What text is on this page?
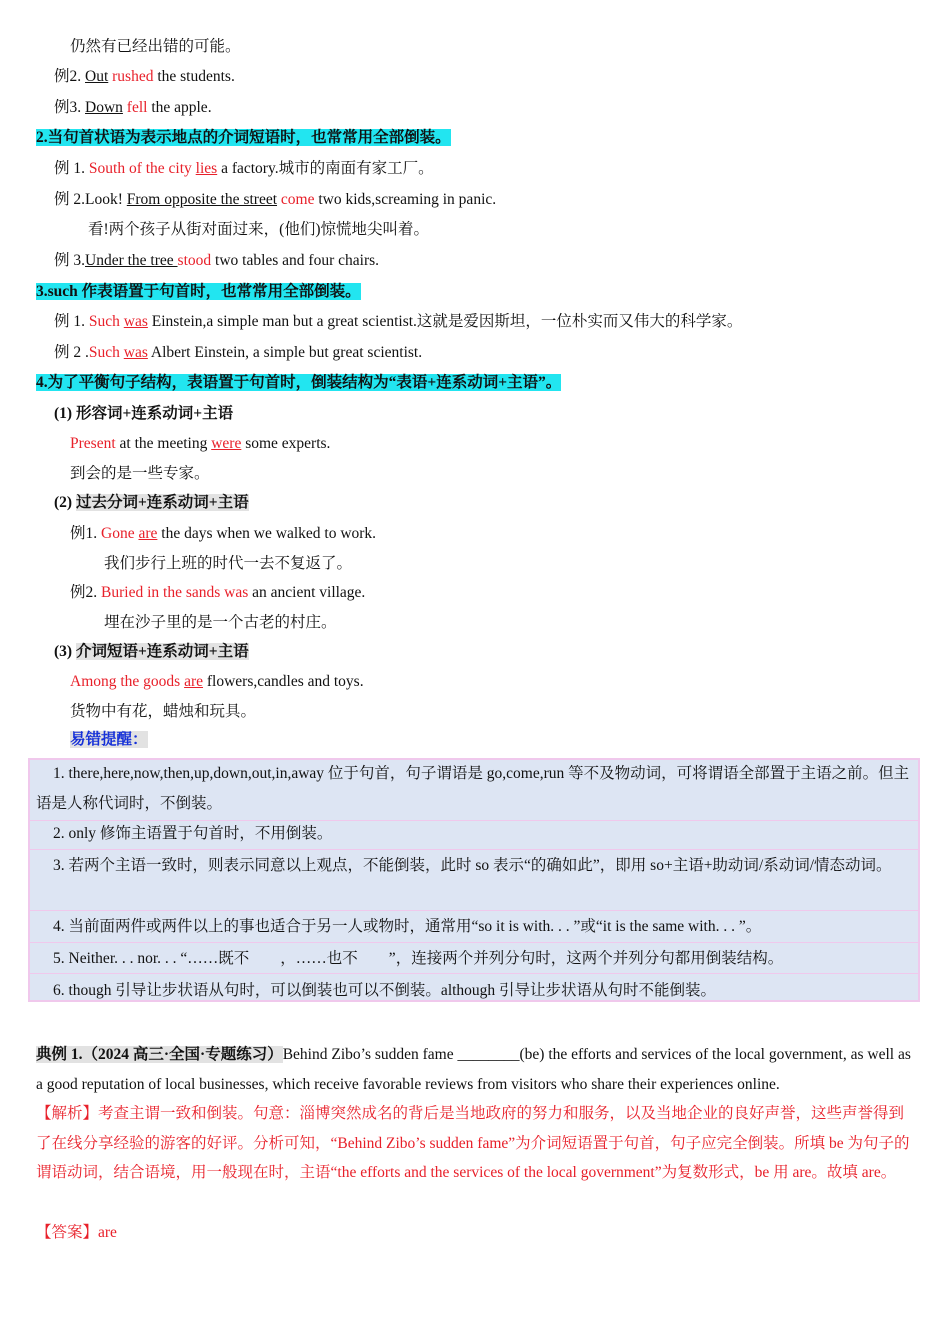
仍然有已经出错的可能。
例2. Out rushed the students.
例3. Down fell the apple.
2.当句首状语为表示地点的介词短语时，也常常用全部倒装。
例 1. South of the city lies a factory.城市的南面有家工厂。
例 2.Look! From opposite the street come two kids,screaming in panic.
看!两个孩子从街对面过来，(他们)惊慌地尖叫着。
例 3.Under the tree stood two tables and four chairs.
3.such 作表语置于句首时，也常常用全部倒装。
例 1. Such was Einstein,a simple man but a great scientist.这就是爱因斯坦，一位朴实而又伟大的科学家。
例 2 .Such was Albert Einstein, a simple but great scientist.
4.为了平衡句子结构，表语置于句首时，倒装结构为“表语+连系动词+主语”。
(1) 形容词+连系动词+主语
Present at the meeting were some experts.
到会的是一些专家。
(2) 过去分词+连系动词+主语
例1. Gone are the days when we walked to work.
我们步行上班的时代一去不复返了。
例2. Buried in the sands was an ancient village.
埋在沙子里的是一个古老的村庄。
(3) 介词短语+连系动词+主语
Among the goods are flowers,candles and toys.
货物中有花，蜡烛和玩具。
易错提醒：
1. there,here,now,then,up,down,out,in,away 位于句首，句子谓语是 go,come,run 等不及物动词，可将谓语全部置于主语之前。但主语是人称代词时，不倒装。
2. only 修饰主语置于句首时，不用倒装。
3. 若两个主语一致时，则表示同意以上观点，不能倒装，此时 so 表示“的确如此”，即用 so+主语+助动词/系动词/情态动词。
4. 当前面两件或两件以上的事也适合于另一人或物时，通常用“so it is with. . . ”或“it is the same with. . . ”。
5. Neither. . . nor. . . “……既不　　，……也不　　”，连接两个并列分句时，这两个并列分句都用倒装结构。
6. though 引导让步状语从句时，可以倒装也可以不倒装。although 引导让步状语从句时不能倒装。
典例 1.（2024 高三·全国·专题练习）Behind Zibo’s sudden fame ________(be) the efforts and services of the local government, as well as a good reputation of local businesses, which receive favorable reviews from visitors who share their experiences online.
【解析】考查主谓一致和倒装。句意：淄博突然成名的背后是当地政府的努力和服务，以及当地企业的良好声誉，这些声誉得到了在线分享经验的游客的好评。分析可知，“Behind Zibo’s sudden fame”为介词短语置于句首，句子应完全倒装。所填 be 为句子的谓语动词，结合语境，用一般现在时，主语“the efforts and the services of the local government”为复数形式，be 用 are。故填 are。
【答案】are
